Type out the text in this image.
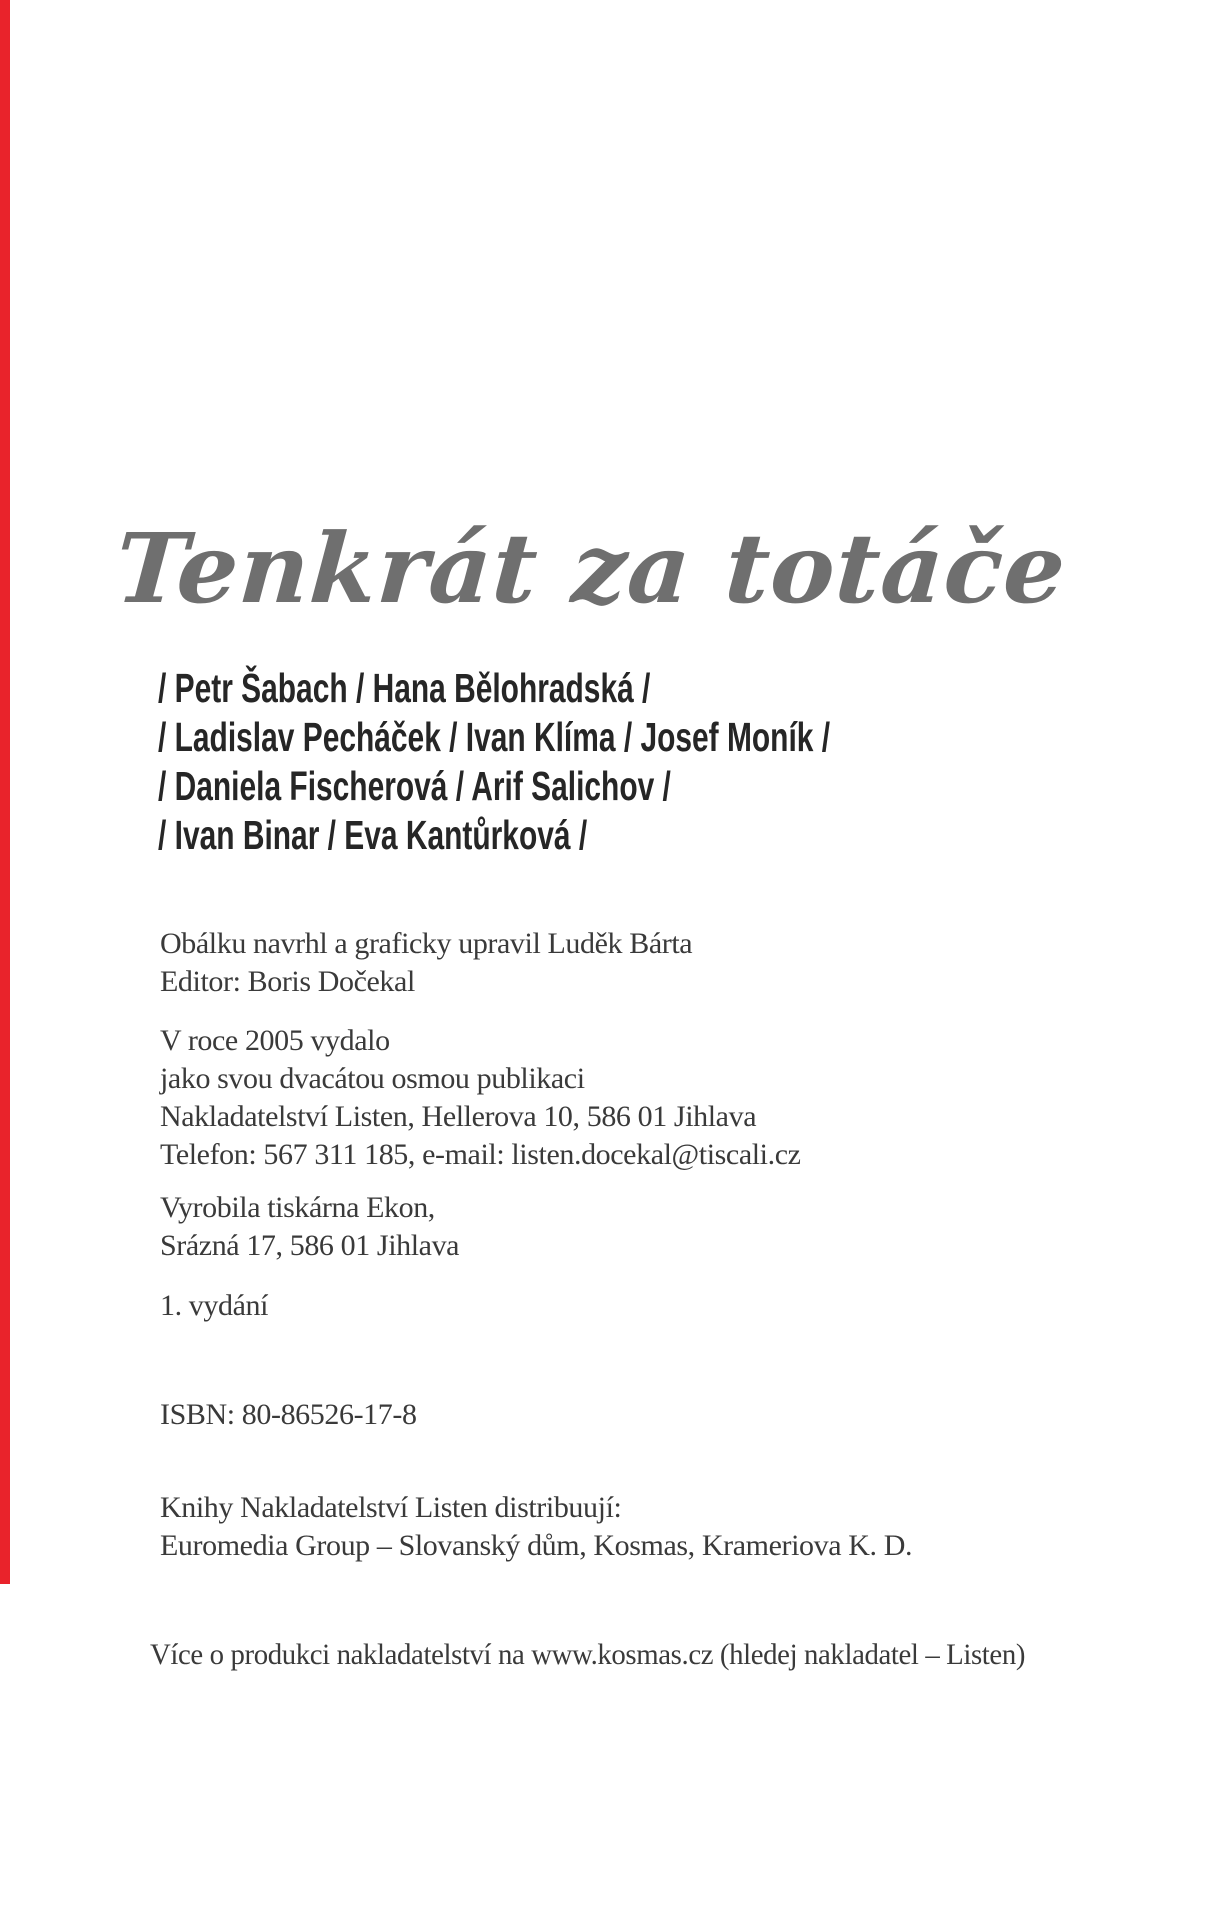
Tenkrát za totáče
/ Petr Šabach / Hana Bělohradská /
/ Ladislav Pecháček / Ivan Klíma / Josef Moník /
/ Daniela Fischerová / Arif Salichov /
/ Ivan Binar / Eva Kantůrková /
Obálku navrhl a graficky upravil Luděk Bárta
Editor: Boris Dočekal
V roce 2005 vydalo
jako svou dvacátou osmou publikaci
Nakladatelství Listen, Hellerova 10, 586 01 Jihlava
Telefon: 567 311 185, e-mail: listen.docekal@tiscali.cz
Vyrobila tiskárna Ekon,
Srázná 17, 586 01 Jihlava
1. vydání
ISBN: 80-86526-17-8
Knihy Nakladatelství Listen distribuují:
Euromedia Group – Slovanský dům, Kosmas, Krameriova K. D.
Více o produkci nakladatelství na www.kosmas.cz (hledej nakladatel – Listen)
